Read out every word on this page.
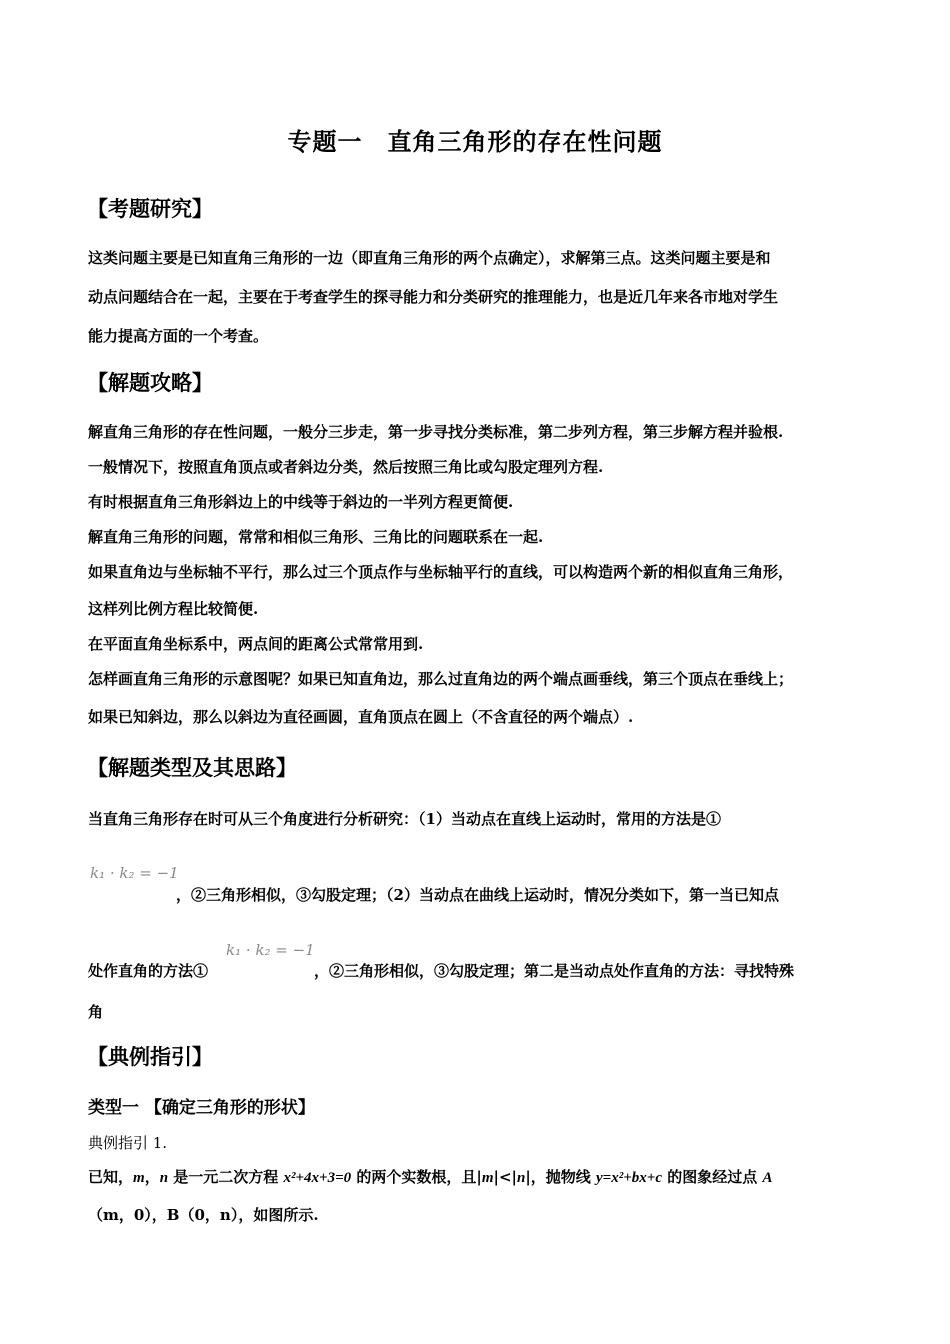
专题一　直角三角形的存在性问题
【考题研究】
这类问题主要是已知直角三角形的一边（即直角三角形的两个点确定），求解第三点。这类问题主要是和
动点问题结合在一起，主要在于考查学生的探寻能力和分类研究的推理能力，也是近几年来各市地对学生
能力提高方面的一个考查。
【解题攻略】
解直角三角形的存在性问题，一般分三步走，第一步寻找分类标准，第二步列方程，第三步解方程并验根.
一般情况下，按照直角顶点或者斜边分类，然后按照三角比或勾股定理列方程.
有时根据直角三角形斜边上的中线等于斜边的一半列方程更简便.
解直角三角形的问题，常常和相似三角形、三角比的问题联系在一起.
如果直角边与坐标轴不平行，那么过三个顶点作与坐标轴平行的直线，可以构造两个新的相似直角三角形，
这样列比例方程比较简便.
在平面直角坐标系中，两点间的距离公式常常用到.
怎样画直角三角形的示意图呢？如果已知直角边，那么过直角边的两个端点画垂线，第三个顶点在垂线上；
如果已知斜边，那么以斜边为直径画圆，直角顶点在圆上（不含直径的两个端点）.
【解题类型及其思路】
当直角三角形存在时可从三个角度进行分析研究：（1）当动点在直线上运动时，常用的方法是①
k₁ · k₂ = −1
，②三角形相似，③勾股定理；（2）当动点在曲线上运动时，情况分类如下，第一当已知点
k₁ · k₂ = −1
处作直角的方法①	，②三角形相似，③勾股定理；第二是当动点处作直角的方法：寻找特殊
角
【典例指引】
类型一 【确定三角形的形状】
典例指引 1.
已知，m，n 是一元二次方程 x²+4x+3=0 的两个实数根，且|m|<|n|，抛物线 y=x²+bx+c 的图象经过点 A
（m，0），B（0，n），如图所示.
